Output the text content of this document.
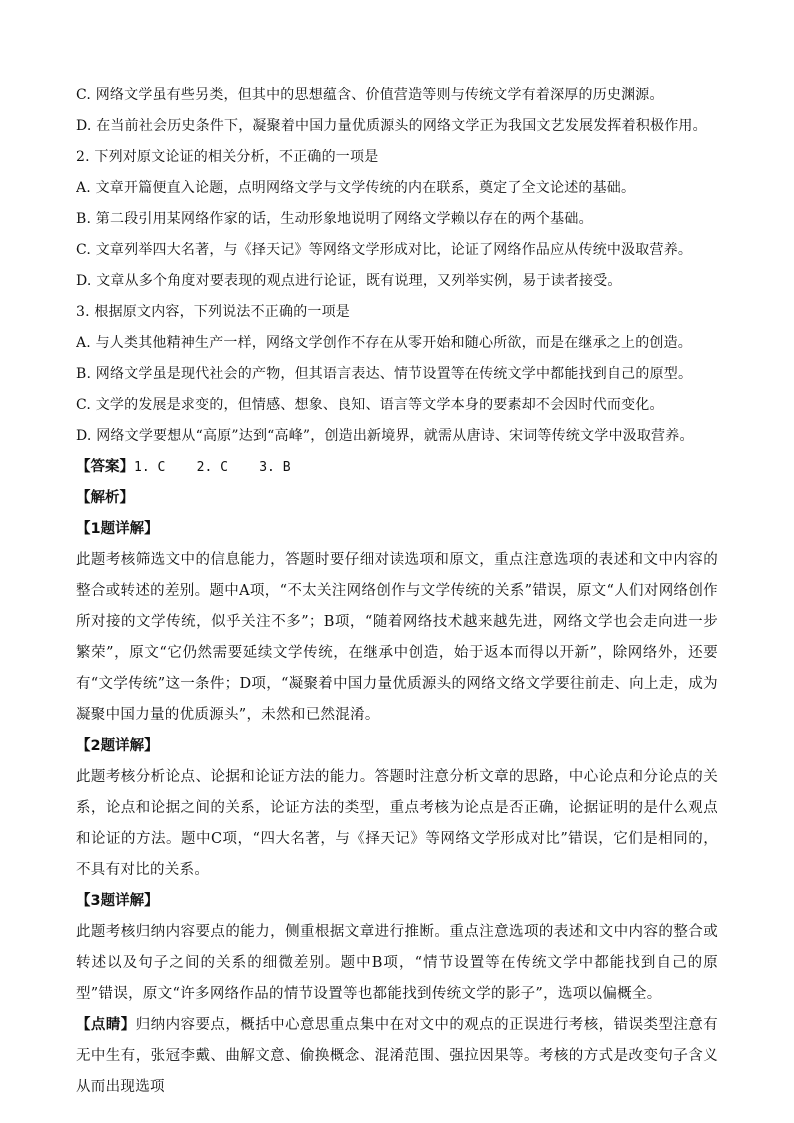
C. 网络文学虽有些另类，但其中的思想蕴含、价值营造等则与传统文学有着深厚的历史渊源。
D. 在当前社会历史条件下，凝聚着中国力量优质源头的网络文学正为我国文艺发展发挥着积极作用。
2. 下列对原文论证的相关分析，不正确的一项是
A. 文章开篇便直入论题，点明网络文学与文学传统的内在联系，奠定了全文论述的基础。
B. 第二段引用某网络作家的话，生动形象地说明了网络文学赖以存在的两个基础。
C. 文章列举四大名著，与《择天记》等网络文学形成对比，论证了网络作品应从传统中汲取营养。
D. 文章从多个角度对要表现的观点进行论证，既有说理，又列举实例，易于读者接受。
3. 根据原文内容，下列说法不正确的一项是
A. 与人类其他精神生产一样，网络文学创作不存在从零开始和随心所欲，而是在继承之上的创造。
B. 网络文学虽是现代社会的产物，但其语言表达、情节设置等在传统文学中都能找到自己的原型。
C. 文学的发展是求变的，但情感、想象、良知、语言等文学本身的要素却不会因时代而变化。
D. 网络文学要想从“高原”达到“高峰”，创造出新境界，就需从唐诗、宋词等传统文学中汲取营养。
【答案】1. C    2. C    3. B
【解析】
【1题详解】
此题考核筛选文中的信息能力，答题时要仔细对读选项和原文，重点注意选项的表述和文中内容的整合或转述的差别。题中A项，“不太关注网络创作与文学传统的关系”错误，原文“人们对网络创作所对接的文学传统，似乎关注不多”；B项，“随着网络技术越来越先进，网络文学也会走向进一步繁荣”，原文“它仍然需要延续文学传统，在继承中创造，始于返本而得以开新”，除网络外，还要有“文学传统”这一条件；D项，“凝聚着中国力量优质源头的网络文络文学要往前走、向上走，成为凝聚中国力量的优质源头”，未然和已然混淆。
【2题详解】
此题考核分析论点、论据和论证方法的能力。答题时注意分析文章的思路，中心论点和分论点的关系，论点和论据之间的关系，论证方法的类型，重点考核为论点是否正确，论据证明的是什么观点和论证的方法。题中C项，“四大名著，与《择天记》等网络文学形成对比”错误，它们是相同的，不具有对比的关系。
【3题详解】
此题考核归纳内容要点的能力，侧重根据文章进行推断。重点注意选项的表述和文中内容的整合或转述以及句子之间的关系的细微差别。题中B项，“情节设置等在传统文学中都能找到自己的原型”错误，原文“许多网络作品的情节设置等也都能找到传统文学的影子”，选项以偏概全。
【点睛】归纳内容要点，概括中心意思重点集中在对文中的观点的正误进行考核，错误类型注意有无中生有，张冠李戴、曲解文意、偷换概念、混淆范围、强拉因果等。考核的方式是改变句子含义从而出现选项
